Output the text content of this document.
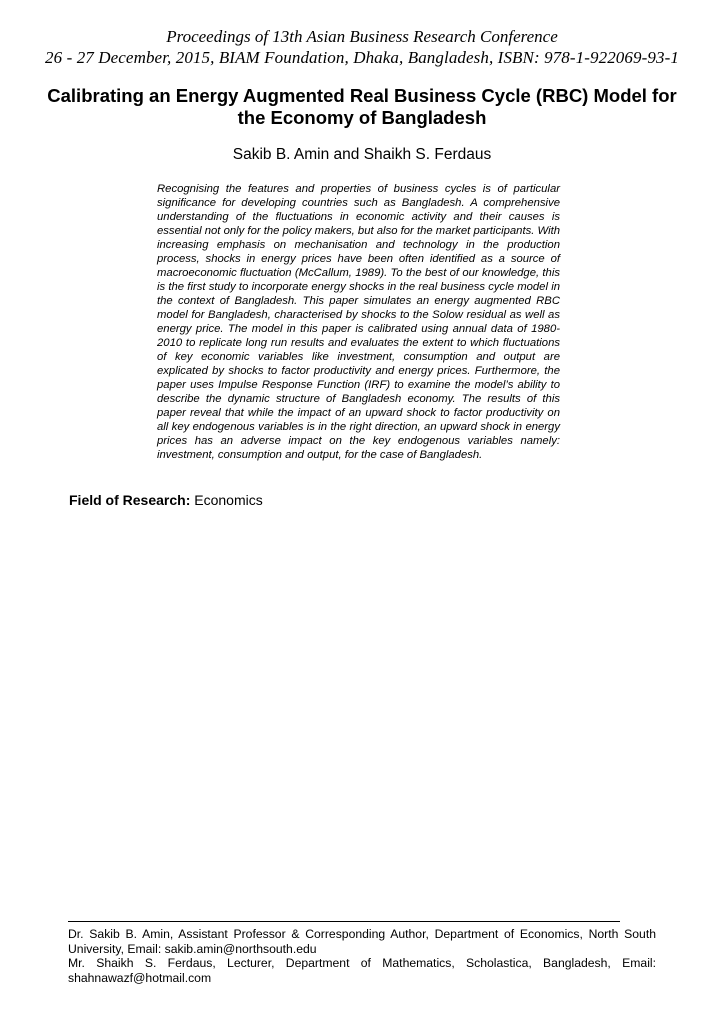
Proceedings of 13th Asian Business Research Conference
26 - 27 December, 2015, BIAM Foundation, Dhaka, Bangladesh, ISBN: 978-1-922069-93-1
Calibrating an Energy Augmented Real Business Cycle (RBC) Model for the Economy of Bangladesh
Sakib B. Amin and Shaikh S. Ferdaus
Recognising the features and properties of business cycles is of particular significance for developing countries such as Bangladesh. A comprehensive understanding of the fluctuations in economic activity and their causes is essential not only for the policy makers, but also for the market participants. With increasing emphasis on mechanisation and technology in the production process, shocks in energy prices have been often identified as a source of macroeconomic fluctuation (McCallum, 1989). To the best of our knowledge, this is the first study to incorporate energy shocks in the real business cycle model in the context of Bangladesh. This paper simulates an energy augmented RBC model for Bangladesh, characterised by shocks to the Solow residual as well as energy price. The model in this paper is calibrated using annual data of 1980-2010 to replicate long run results and evaluates the extent to which fluctuations of key economic variables like investment, consumption and output are explicated by shocks to factor productivity and energy prices. Furthermore, the paper uses Impulse Response Function (IRF) to examine the model’s ability to describe the dynamic structure of Bangladesh economy. The results of this paper reveal that while the impact of an upward shock to factor productivity on all key endogenous variables is in the right direction, an upward shock in energy prices has an adverse impact on the key endogenous variables namely: investment, consumption and output, for the case of Bangladesh.
Field of Research: Economics

Dr. Sakib B. Amin, Assistant Professor & Corresponding Author, Department of Economics, North South University, Email: sakib.amin@northsouth.edu

Mr. Shaikh S. Ferdaus, Lecturer, Department of Mathematics, Scholastica, Bangladesh, Email: shahnawazf@hotmail.com
